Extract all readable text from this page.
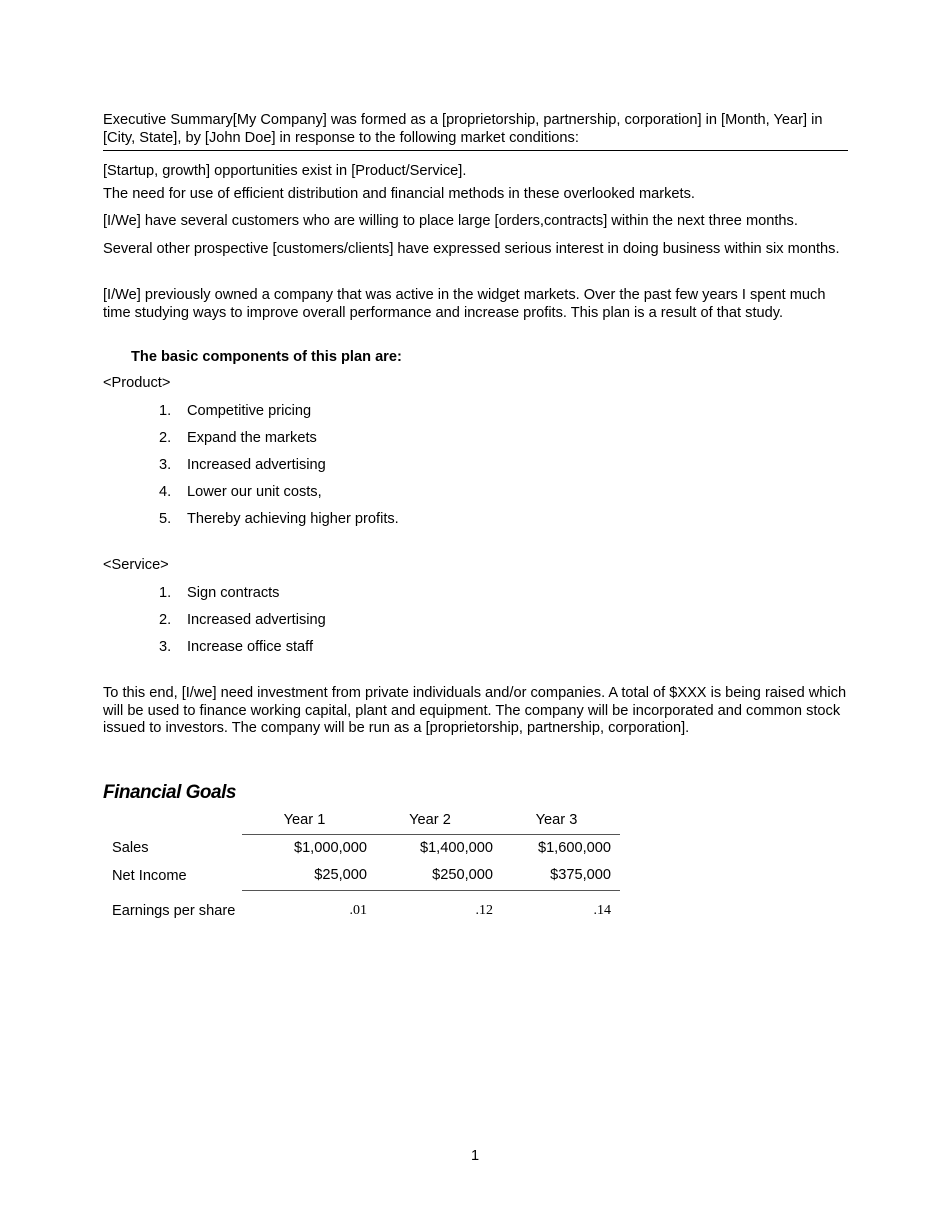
Executive Summary[My Company] was formed as a [proprietorship, partnership, corporation] in [Month, Year] in [City, State], by [John Doe] in response to the following market conditions:

[Startup, growth] opportunities exist in [Product/Service].

The need for use of efficient distribution and financial methods in these overlooked markets.

[I/We] have several customers who are willing to place large [orders,contracts] within the next three months.

Several other prospective [customers/clients] have expressed serious interest in doing business within six months.

[I/We] previously owned a company that was active in the widget markets. Over the past few years I spent much time studying ways to improve overall performance and increase profits. This plan is a result of that study.

The basic components of this plan are:

<Product>

1. Competitive pricing
2. Expand the markets
3. Increased advertising
4. Lower our unit costs,
5. Thereby achieving higher profits.

<Service>

1. Sign contracts
2. Increased advertising
3. Increase office staff

To this end, [I/we] need investment from private individuals and/or companies. A total of $XXX is being raised which will be used to finance working capital, plant and equipment. The company will be incorporated and common stock issued to investors. The company will be run as a [proprietorship, partnership, corporation].

Financial Goals
	Year 1	Year 2	Year 3
Sales	$1,000,000	$1,400,000	$1,600,000
Net Income	$25,000	$250,000	$375,000
Earnings per share	.01	.12	.14
1
